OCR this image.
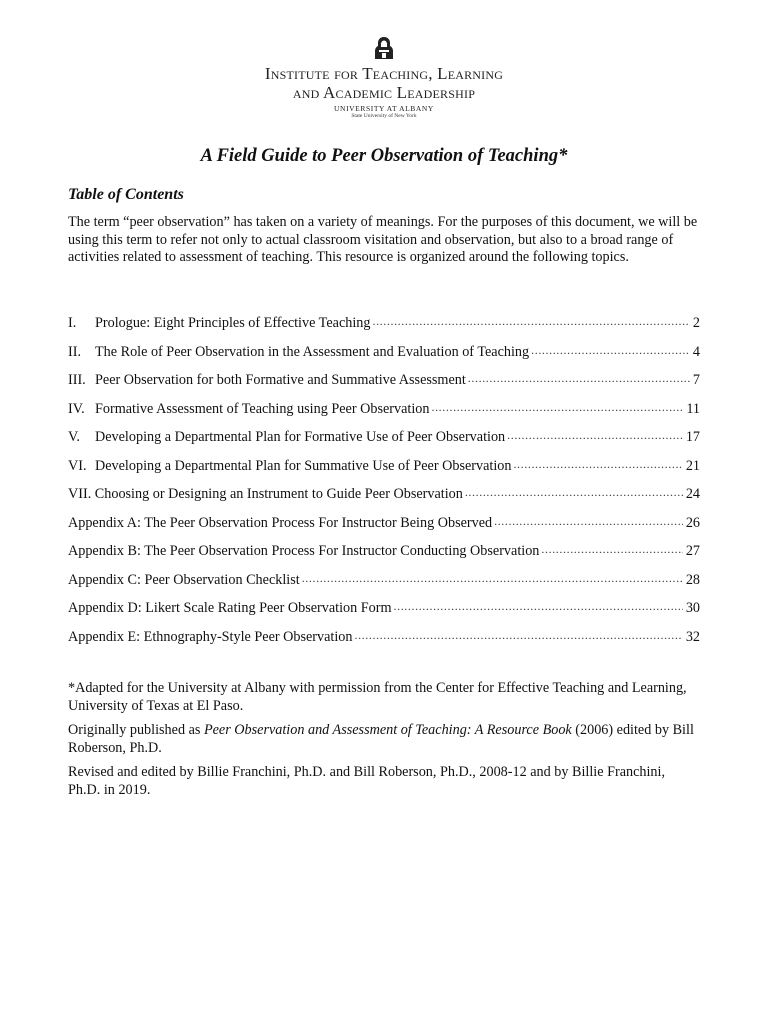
Institute for Teaching, Learning
and Academic Leadership
UNIVERSITY AT ALBANY
State University of New York
A Field Guide to Peer Observation of Teaching*
Table of Contents
The term “peer observation” has taken on a variety of meanings. For the purposes of this document, we will be using this term to refer not only to actual classroom visitation and observation, but also to a broad range of activities related to assessment of teaching. This resource is organized around the following topics.
I.	Prologue: Eight Principles of Effective Teaching .....	2
II. The Role of Peer Observation in the Assessment and Evaluation of Teaching .....	4
III. Peer Observation for both Formative and Summative Assessment .....	7
IV. Formative Assessment of Teaching using Peer Observation .....	11
V.	Developing a Departmental Plan for Formative Use of Peer Observation .....	17
VI. Developing a Departmental Plan for Summative Use of Peer Observation .....	21
VII. Choosing or Designing an Instrument to Guide Peer Observation .....	24
Appendix A: The Peer Observation Process For Instructor Being Observed .....	26
Appendix B: The Peer Observation Process For Instructor Conducting Observation .....	27
Appendix C: Peer Observation Checklist .....	28
Appendix D: Likert Scale Rating Peer Observation Form .....	30
Appendix E: Ethnography-Style Peer Observation .....	32

*Adapted for the University at Albany with permission from the Center for Effective Teaching and Learning, University of Texas at El Paso.

Originally published as Peer Observation and Assessment of Teaching: A Resource Book (2006) edited by Bill Roberson, Ph.D.

Revised and edited by Billie Franchini, Ph.D. and Bill Roberson, Ph.D., 2008-12 and by Billie Franchini, Ph.D. in 2019.
